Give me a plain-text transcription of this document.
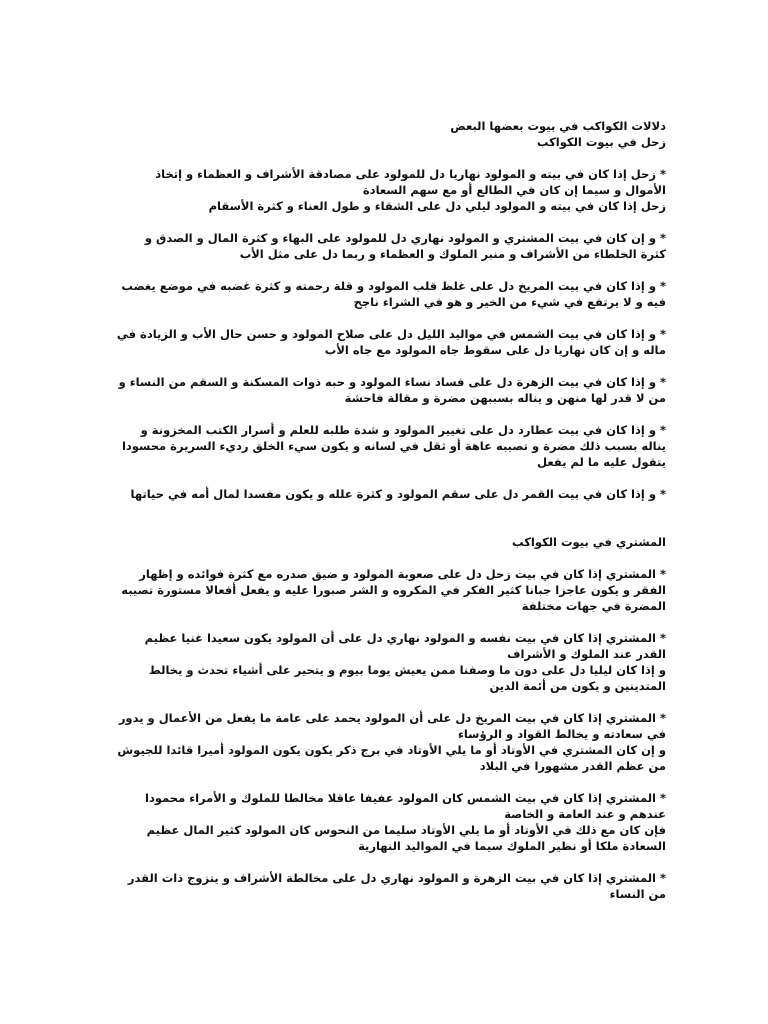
دلالات الكواكب في بيوت بعضها البعض
زحل في بيوت الكواكب
* زحل إذا كان في بيته و المولود نهاريا دل للمولود على مصادقة الأشراف و العظماء و إتخاذ الأموال و سيما إن كان في الطالع أو مع سهم السعادة
زحل إذا كان في بيته و المولود ليلي دل على الشقاء و طول العناء و كثرة الأسقام
* و إن كان في بيت المشتري و المولود نهاري دل للمولود على البهاء و كثرة المال و الصدق و كثرة الخلطاء من الأشراف و منبر الملوك و العظماء و ربما دل على مثل الأب
* و إذا كان في بيت المريخ دل على غلظ قلب المولود و قلة رحمته و كثرة غضبه في موضع يغضب فيه و لا يرتفع في شيء من الخير و هو في الشراء ناجح
* و إذا كان في بيت الشمس في مواليد الليل دل على صلاح المولود و حسن حال الأب و الزيادة في ماله و إن كان نهاريا دل على سقوط جاه المولود مع جاه الأب
* و إذا كان في بيت الزهرة دل على فساد نساء المولود و حبه ذوات المسكنة و السقم من النساء و من لا قدر لها منهن و يناله بسببهن مضرة و مقالة فاحشة
* و إذا كان في بيت عطارد دل على تغيير المولود و شدة طلبه للعلم و أسرار الكتب المخزونة و يناله بسبب ذلك مضرة و تصيبه عاهة أو ثقل في لسانه و يكون سيء الخلق رديء السريرة محسودا يتقول عليه ما لم يفعل
* و إذا كان في بيت القمر دل على سقم المولود و كثرة علله و يكون مفسدا لمال أمه في حياتها
المشتري في بيوت الكواكب
* المشتري إذا كان في بيت زحل دل على صعوبة المولود و ضيق صدره مع كثرة فوائده و إظهار الفقر و يكون عاجزا جبانا كثير الفكر في المكروه و الشر صبورا عليه و يفعل أفعالا مستورة تصيبه المضرة في جهات مختلفة
* المشتري إذا كان في بيت نفسه و المولود نهاري دل على أن المولود يكون سعيدا غنيا عظيم القدر عند الملوك و الأشراف
و إذا كان ليليا دل على دون ما وصفنا ممن يعيش يوما بيوم و يتحير على أشياء تحدث و يخالط المتدينين و يكون من أئمة الدين
* المشتري إذا كان في بيت المريخ دل على أن المولود يحمد على عامة ما يفعل من الأعمال و يدور في سعادته و يخالط القواد و الرؤساء
و إن كان المشتري في الأوتاد أو ما يلي الأوتاد في برج ذكر يكون يكون المولود أميرا قائدا للجيوش من عظم القدر مشهورا في البلاد
* المشتري إذا كان في بيت الشمس كان المولود عفيفا عاقلا مخالطا للملوك و الأمراء محمودا عندهم و عند العامة و الخاصة
فإن كان مع ذلك في الأوتاد أو ما يلي الأوتاد سليما من النحوس كان المولود كثير المال عظيم السعادة ملكا أو نظير الملوك سيما في المواليد النهارية
* المشتري إذا كان في بيت الزهرة و المولود نهاري دل على مخالطة الأشراف و يتزوج ذات القدر من النساء
